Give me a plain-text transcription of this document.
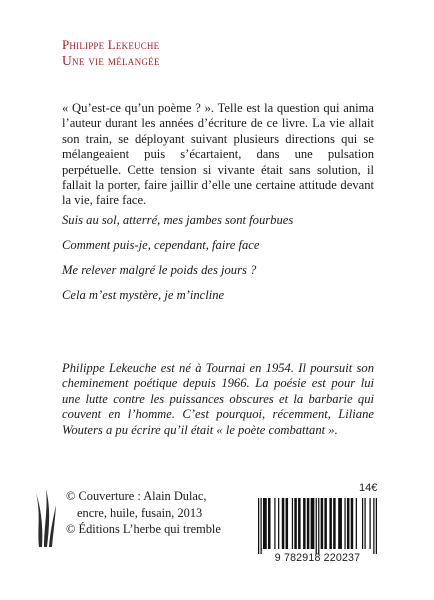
Philippe Lekeuche
Une vie mélangée

« Qu’est-ce qu’un poème ? ». Telle est la question qui anima l’auteur durant les années d’écriture de ce livre. La vie allait son train, se déployant suivant plusieurs directions qui se mélangeaient puis s’écartaient, dans une pulsation perpétuelle. Cette tension si vivante était sans solution, il fallait la porter, faire jaillir d’elle une certaine attitude devant la vie, faire face.

Suis au sol, atterré, mes jambes sont fourbues
Comment puis-je, cependant, faire face
Me relever malgré le poids des jours ?
Cela m’est mystère, je m’incline

Philippe Lekeuche est né à Tournai en 1954. Il poursuit son cheminement poétique depuis 1966. La poésie est pour lui une lutte contre les puissances obscures et la barbarie qui couvent en l’homme. C’est pourquoi, récemment, Liliane Wouters a pu écrire qu’il était « le poète combattant ».

© Couverture : Alain Dulac,
encre, huile, fusain, 2013
© Éditions L’herbe qui tremble
14€
9 782918 220237
